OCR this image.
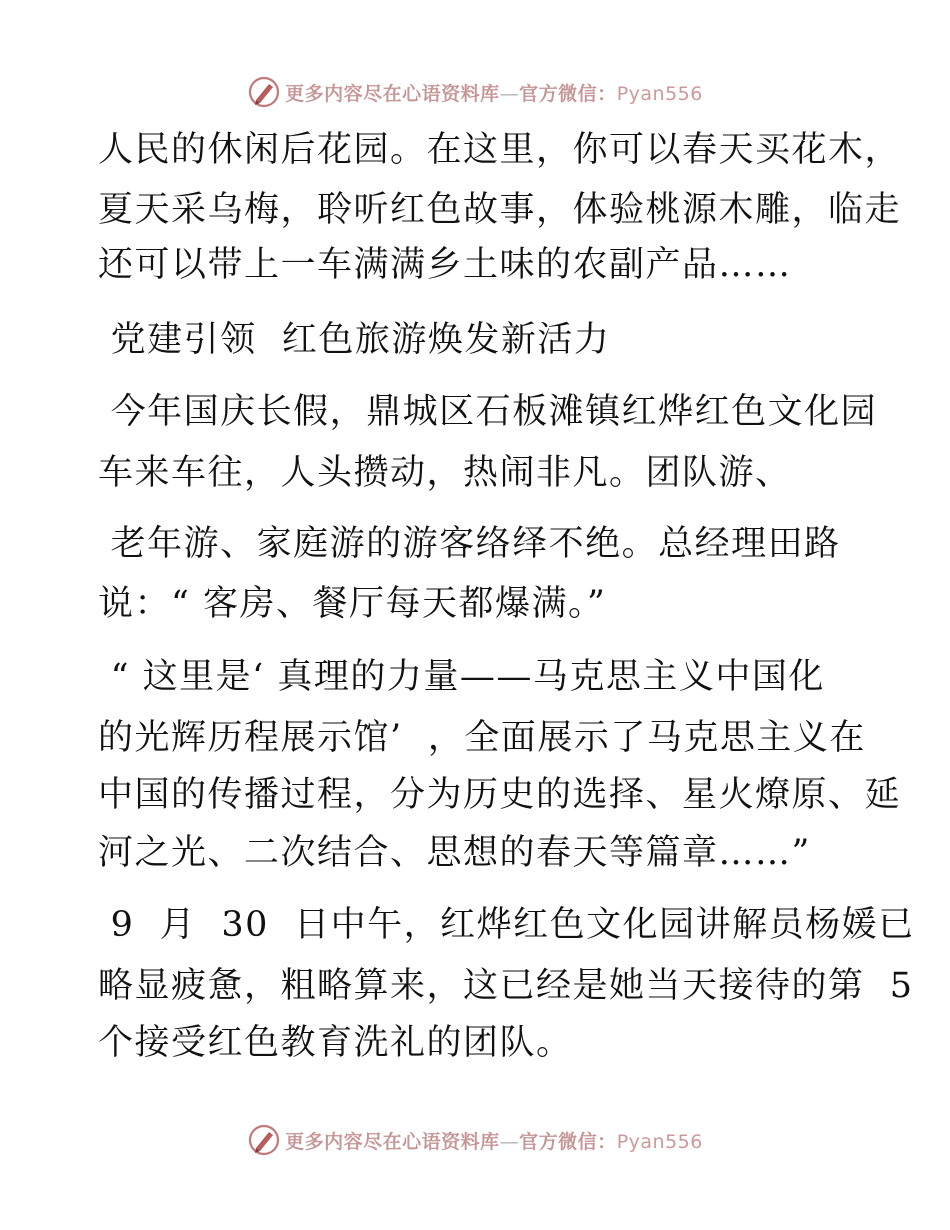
更多内容尽在心语资料库—官方微信：Pyan556
人民的休闲后花园。在这里，你可以春天买花木，
夏天采乌梅，聆听红色故事，体验桃源木雕，临走
还可以带上一车满满乡土味的农副产品……
党建引领  红色旅游焕发新活力
今年国庆长假，鼎城区石板滩镇红烨红色文化园
车来车往，人头攒动，热闹非凡。团队游、
老年游、家庭游的游客络绎不绝。总经理田路
说：“ 客房、餐厅每天都爆满。”
“ 这里是‘ 真理的力量——马克思主义中国化
的光辉历程展示馆’  ，全面展示了马克思主义在
中国的传播过程，分为历史的选择、星火燎原、延
河之光、二次结合、思想的春天等篇章……”
9  月  30  日中午，红烨红色文化园讲解员杨媛已
略显疲惫，粗略算来，这已经是她当天接待的第  5
个接受红色教育洗礼的团队。
更多内容尽在心语资料库—官方微信：Pyan556
